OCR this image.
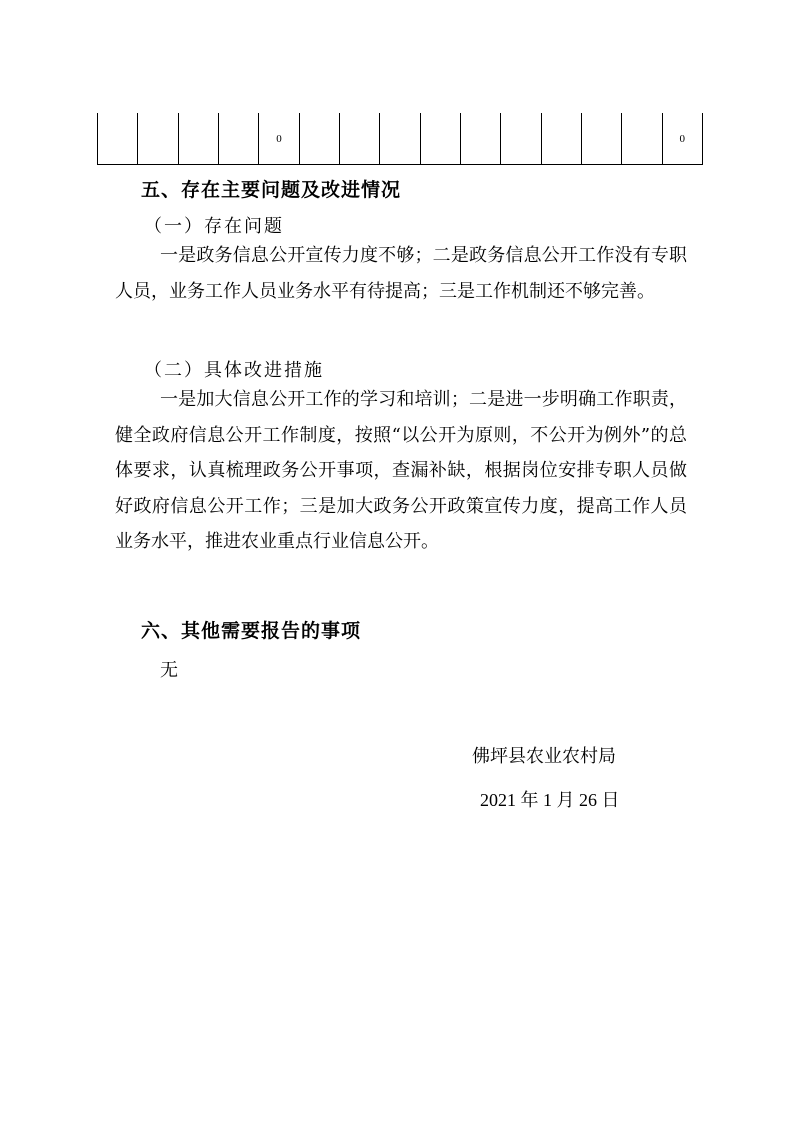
				0										0
五、存在主要问题及改进情况
（一）存在问题

一是政务信息公开宣传力度不够；二是政务信息公开工作没有专职人员，业务工作人员业务水平有待提高；三是工作机制还不够完善。

（二）具体改进措施

一是加大信息公开工作的学习和培训；二是进一步明确工作职责，健全政府信息公开工作制度，按照“以公开为原则，不公开为例外”的总体要求，认真梳理政务公开事项，查漏补缺，根据岗位安排专职人员做好政府信息公开工作；三是加大政务公开政策宣传力度，提高工作人员业务水平，推进农业重点行业信息公开。

六、其他需要报告的事项
无
佛坪县农业农村局
2021 年 1 月 26 日
